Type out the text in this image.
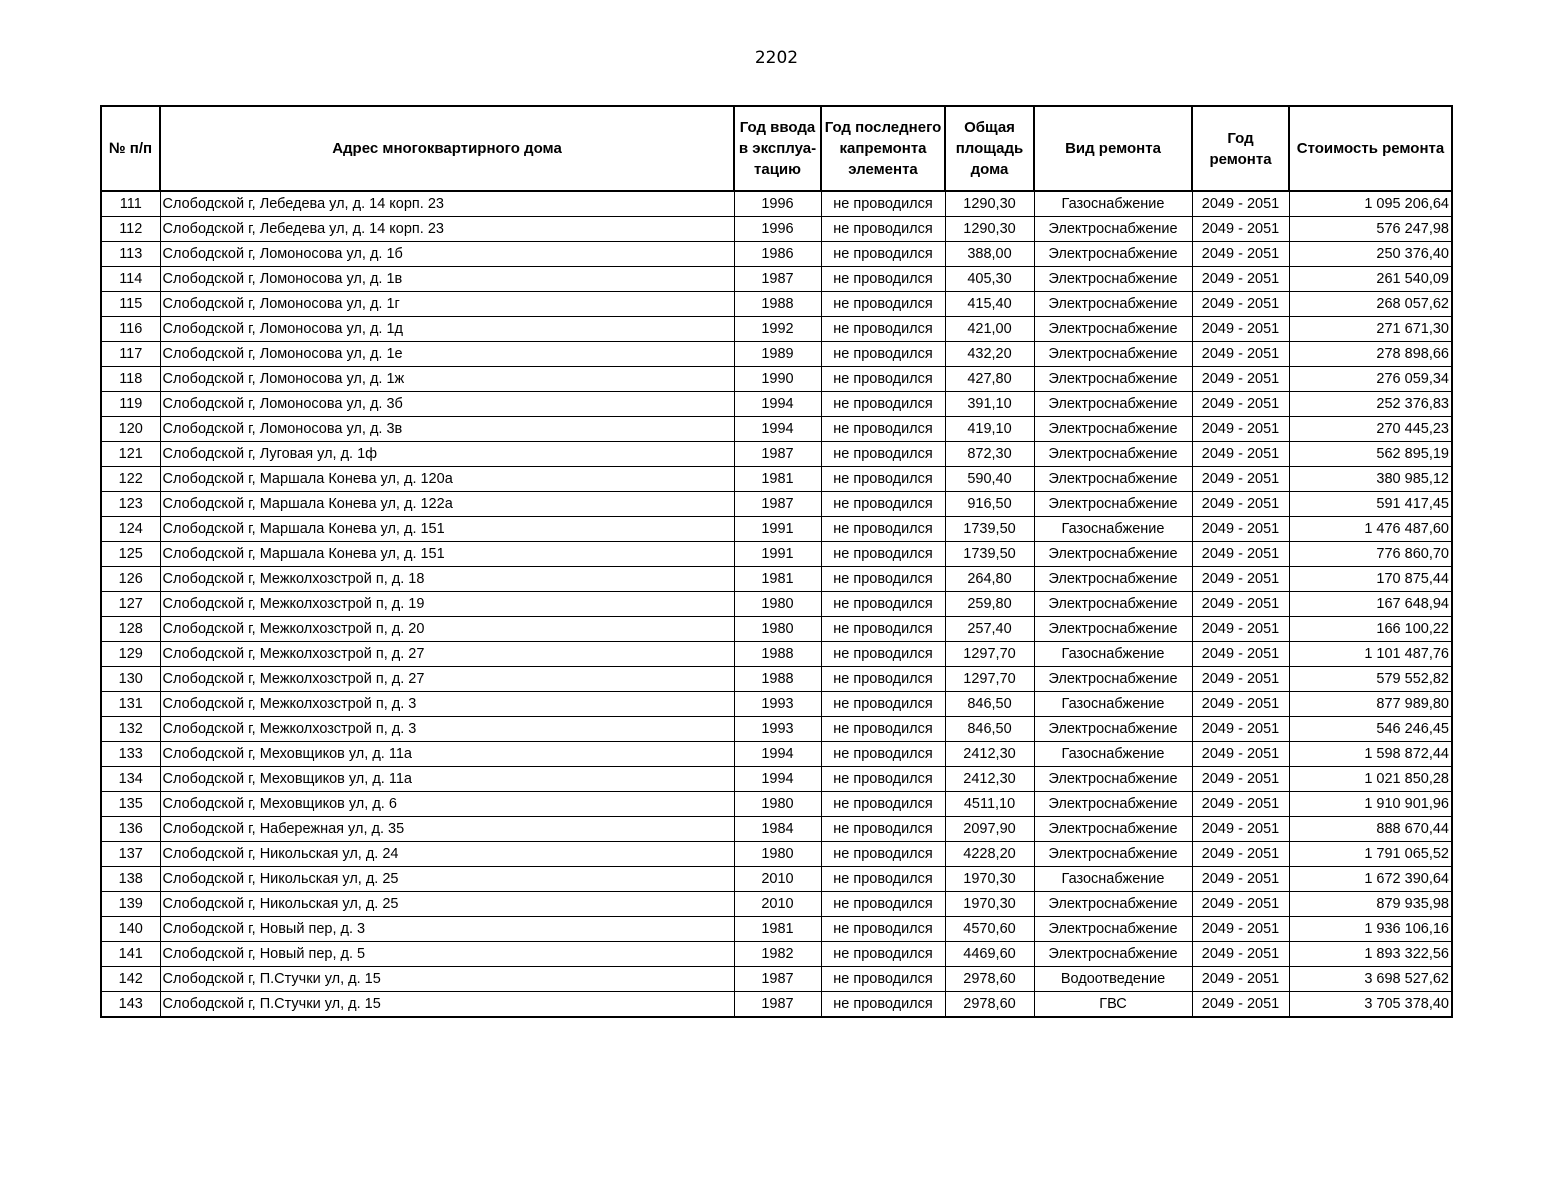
2202
№ п/п	Адрес многоквартирного дома	Год ввода в эксплуа- тацию	Год последнего капремонта элемента	Общая площадь дома	Вид ремонта	Год ремонта	Стоимость ремонта
111	Слободской г, Лебедева ул, д. 14 корп. 23	1996	не проводился	1290,30	Газоснабжение	2049 - 2051	1 095 206,64
112	Слободской г, Лебедева ул, д. 14 корп. 23	1996	не проводился	1290,30	Электроснабжение	2049 - 2051	576 247,98
113	Слободской г, Ломоносова ул, д. 1б	1986	не проводился	388,00	Электроснабжение	2049 - 2051	250 376,40
114	Слободской г, Ломоносова ул, д. 1в	1987	не проводился	405,30	Электроснабжение	2049 - 2051	261 540,09
115	Слободской г, Ломоносова ул, д. 1г	1988	не проводился	415,40	Электроснабжение	2049 - 2051	268 057,62
116	Слободской г, Ломоносова ул, д. 1д	1992	не проводился	421,00	Электроснабжение	2049 - 2051	271 671,30
117	Слободской г, Ломоносова ул, д. 1е	1989	не проводился	432,20	Электроснабжение	2049 - 2051	278 898,66
118	Слободской г, Ломоносова ул, д. 1ж	1990	не проводился	427,80	Электроснабжение	2049 - 2051	276 059,34
119	Слободской г, Ломоносова ул, д. 3б	1994	не проводился	391,10	Электроснабжение	2049 - 2051	252 376,83
120	Слободской г, Ломоносова ул, д. 3в	1994	не проводился	419,10	Электроснабжение	2049 - 2051	270 445,23
121	Слободской г, Луговая ул, д. 1ф	1987	не проводился	872,30	Электроснабжение	2049 - 2051	562 895,19
122	Слободской г, Маршала Конева ул, д. 120а	1981	не проводился	590,40	Электроснабжение	2049 - 2051	380 985,12
123	Слободской г, Маршала Конева ул, д. 122а	1987	не проводился	916,50	Электроснабжение	2049 - 2051	591 417,45
124	Слободской г, Маршала Конева ул, д. 151	1991	не проводился	1739,50	Газоснабжение	2049 - 2051	1 476 487,60
125	Слободской г, Маршала Конева ул, д. 151	1991	не проводился	1739,50	Электроснабжение	2049 - 2051	776 860,70
126	Слободской г, Межколхозстрой п, д. 18	1981	не проводился	264,80	Электроснабжение	2049 - 2051	170 875,44
127	Слободской г, Межколхозстрой п, д. 19	1980	не проводился	259,80	Электроснабжение	2049 - 2051	167 648,94
128	Слободской г, Межколхозстрой п, д. 20	1980	не проводился	257,40	Электроснабжение	2049 - 2051	166 100,22
129	Слободской г, Межколхозстрой п, д. 27	1988	не проводился	1297,70	Газоснабжение	2049 - 2051	1 101 487,76
130	Слободской г, Межколхозстрой п, д. 27	1988	не проводился	1297,70	Электроснабжение	2049 - 2051	579 552,82
131	Слободской г, Межколхозстрой п, д. 3	1993	не проводился	846,50	Газоснабжение	2049 - 2051	877 989,80
132	Слободской г, Межколхозстрой п, д. 3	1993	не проводился	846,50	Электроснабжение	2049 - 2051	546 246,45
133	Слободской г, Меховщиков ул, д. 11а	1994	не проводился	2412,30	Газоснабжение	2049 - 2051	1 598 872,44
134	Слободской г, Меховщиков ул, д. 11а	1994	не проводился	2412,30	Электроснабжение	2049 - 2051	1 021 850,28
135	Слободской г, Меховщиков ул, д. 6	1980	не проводился	4511,10	Электроснабжение	2049 - 2051	1 910 901,96
136	Слободской г, Набережная ул, д. 35	1984	не проводился	2097,90	Электроснабжение	2049 - 2051	888 670,44
137	Слободской г, Никольская ул, д. 24	1980	не проводился	4228,20	Электроснабжение	2049 - 2051	1 791 065,52
138	Слободской г, Никольская ул, д. 25	2010	не проводился	1970,30	Газоснабжение	2049 - 2051	1 672 390,64
139	Слободской г, Никольская ул, д. 25	2010	не проводился	1970,30	Электроснабжение	2049 - 2051	879 935,98
140	Слободской г, Новый пер, д. 3	1981	не проводился	4570,60	Электроснабжение	2049 - 2051	1 936 106,16
141	Слободской г, Новый пер, д. 5	1982	не проводился	4469,60	Электроснабжение	2049 - 2051	1 893 322,56
142	Слободской г, П.Стучки ул, д. 15	1987	не проводился	2978,60	Водоотведение	2049 - 2051	3 698 527,62
143	Слободской г, П.Стучки ул, д. 15	1987	не проводился	2978,60	ГВС	2049 - 2051	3 705 378,40
